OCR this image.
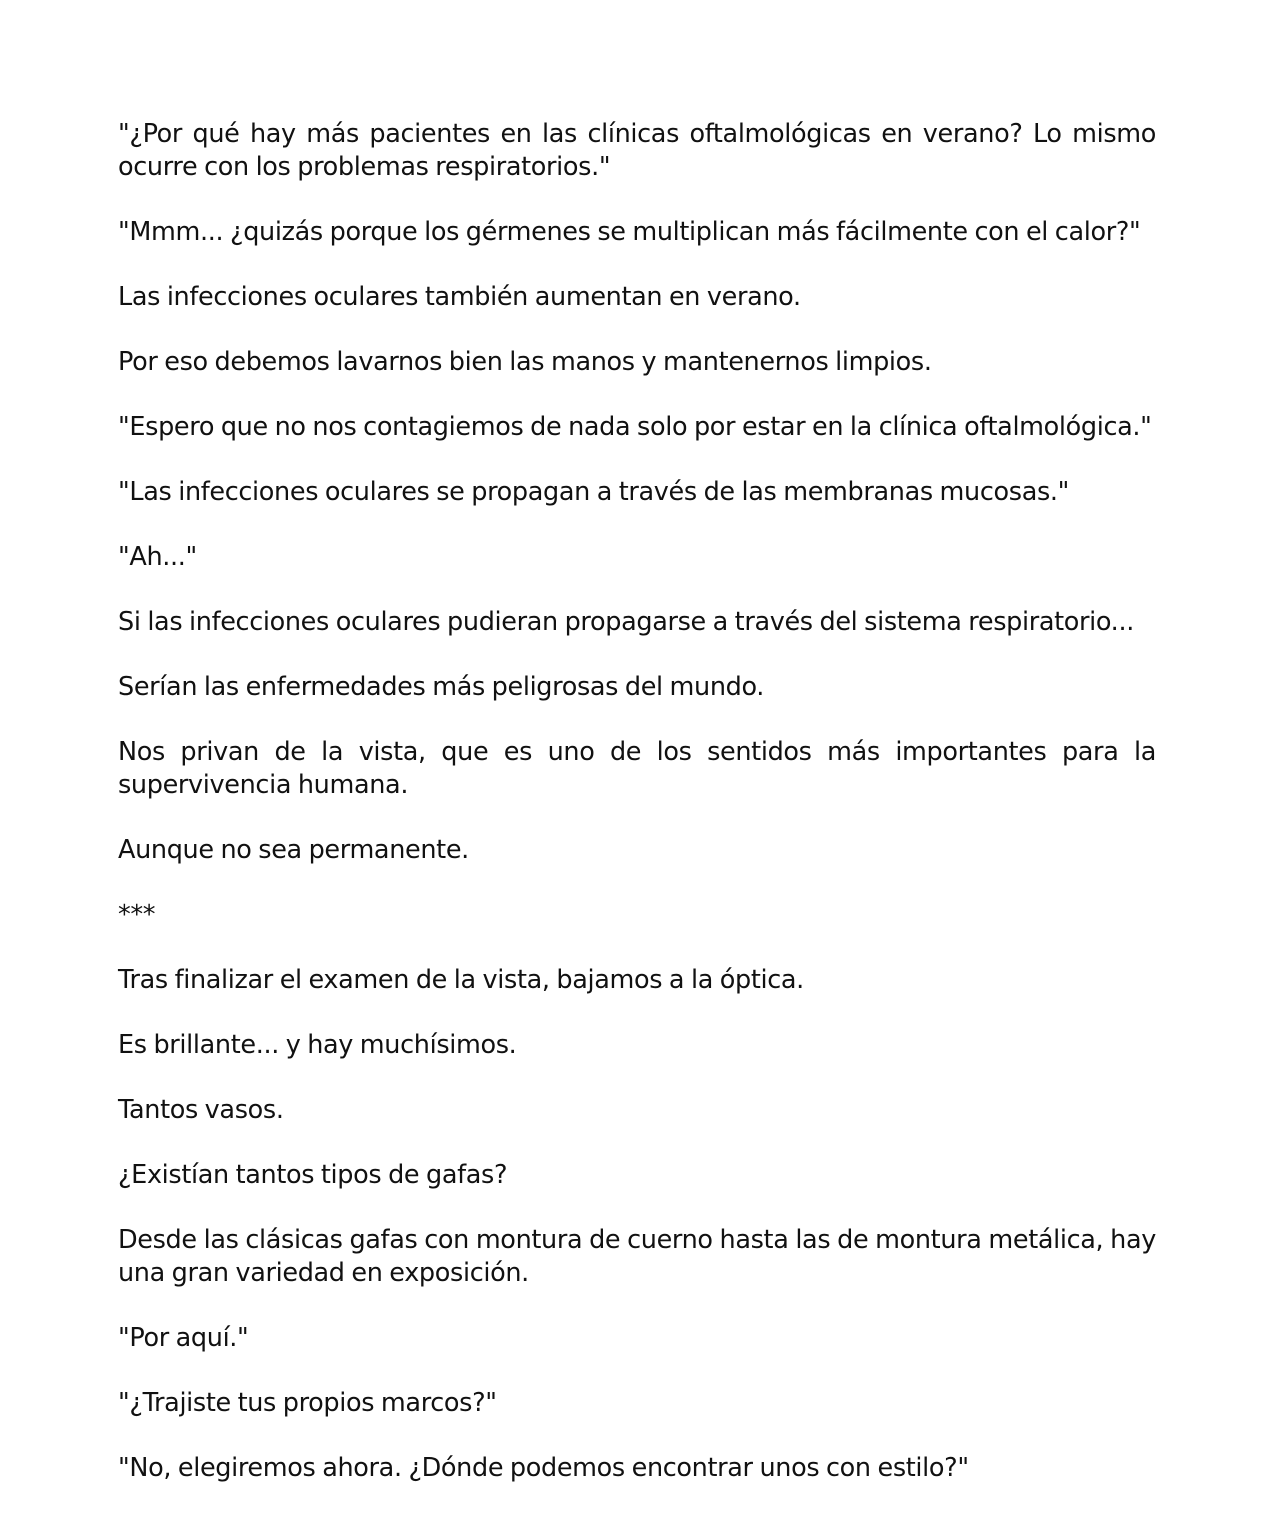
"¿Por qué hay más pacientes en las clínicas oftalmológicas en verano? Lo mismo ocurre con los problemas respiratorios."

"Mmm... ¿quizás porque los gérmenes se multiplican más fácilmente con el calor?"

Las infecciones oculares también aumentan en verano.

Por eso debemos lavarnos bien las manos y mantenernos limpios.

"Espero que no nos contagiemos de nada solo por estar en la clínica oftalmológica."

"Las infecciones oculares se propagan a través de las membranas mucosas."

"Ah..."

Si las infecciones oculares pudieran propagarse a través del sistema respiratorio...

Serían las enfermedades más peligrosas del mundo.

Nos privan de la vista, que es uno de los sentidos más importantes para la supervivencia humana.

Aunque no sea permanente.

***

Tras finalizar el examen de la vista, bajamos a la óptica.

Es brillante... y hay muchísimos.

Tantos vasos.

¿Existían tantos tipos de gafas?

Desde las clásicas gafas con montura de cuerno hasta las de montura metálica, hay una gran variedad en exposición.

"Por aquí."

"¿Trajiste tus propios marcos?"

"No, elegiremos ahora. ¿Dónde podemos encontrar unos con estilo?"
